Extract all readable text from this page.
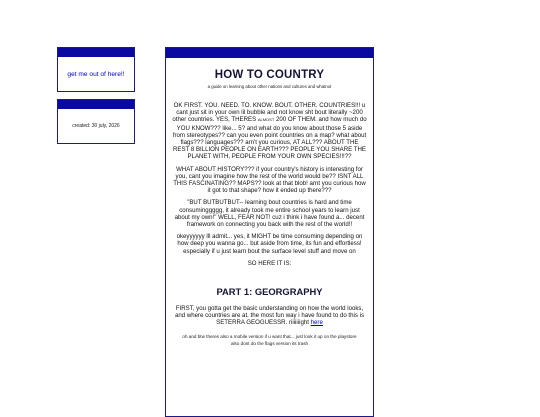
get me out of here!!
created: 30 july, 2026
HOW TO COUNTRY
a guide on learning about other nations and cultures and whatnot

OK FIRST. YOU. NEED. TO. KNOW. BOUT. OTHER. COUNTRIES!!! u cant just sit in your own lil bubble and not know sht bout literally ~200 other countries. YES, THERES almost 200 OF THEM. and how much do YOU KNOW??? like... 5? and what do you know about those 5 aside from stereotypes?? can you even point countries on a map? what about flags??? languages??? arn't you curious, AT ALL??? ABOUT THE REST 8 BILLION PEOPLE ON EARTH??? PEOPLE YOU SHARE THE PLANET WITH, PEOPLE FROM YOUR OWN SPECIES!!!??

WHAT ABOUT HISTORY??? if your country's history is interesting for you, cant you imagine how the rest of the world would be?? ISNT ALL THIS FASCINATING?? MAPS?? look at that blob! arnt you curious how it got to that shape? how it ended up there???

"BUT BUTBUTBUT-- learning bout countries is hard and time consuminggggg, it already took me entire school years to learn just about my own!" WELL, FEAR NOT! cuz i think i have found a... decent framework on connecting you back with the rest of the world!!

okeyyyyyy lll admit... yes, it MIGHT be time consuming depending on how deep you wanna go... but aside from time, its fun and effortless! especially if u just learn bout the surface level stuff and move on

SO HERE IT IS:

PART 1: GEORGRAPHY

FIRST, you gotta get the basic understanding on how the world looks, and where countries are at. the most fun way i have found to do this is SETERRA GEOGUESSR. riiiiiiight here

oh and btw theres also a mobile version if u want that... just look it up on the playstore

also dont do the flags version its trash
